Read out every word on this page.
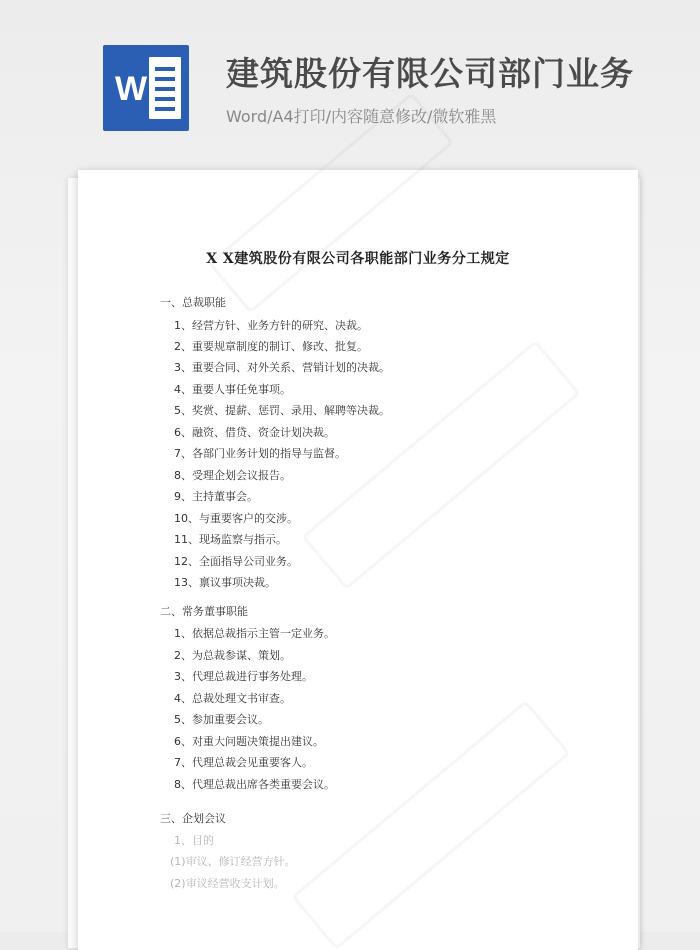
W 建筑股份有限公司部门业务

Word/A4打印/内容随意修改/微软雅黑

X X建筑股份有限公司各职能部门业务分工规定

一、总裁职能

1、经营方针、业务方针的研究、决裁。

2、重要规章制度的制订、修改、批复。

3、重要合同、对外关系、营销计划的决裁。

4、重要人事任免事项。

5、奖赏、提薪、惩罚、录用、解聘等决裁。

6、融资、借贷、资金计划决裁。

7、各部门业务计划的指导与监督。

8、受理企划会议报告。

9、主持董事会。

10、与重要客户的交涉。

11、现场监察与指示。

12、全面指导公司业务。

13、禀议事项决裁。

二、常务董事职能

1、依据总裁指示主管一定业务。

2、为总裁参谋、策划。

3、代理总裁进行事务处理。

4、总裁处理文书审查。

5、参加重要会议。

6、对重大问题决策提出建议。

7、代理总裁会见重要客人。

8、代理总裁出席各类重要会议。

三、企划会议

1、目的

(1)审议、修订经营方针。

(2)审议经营收支计划。
